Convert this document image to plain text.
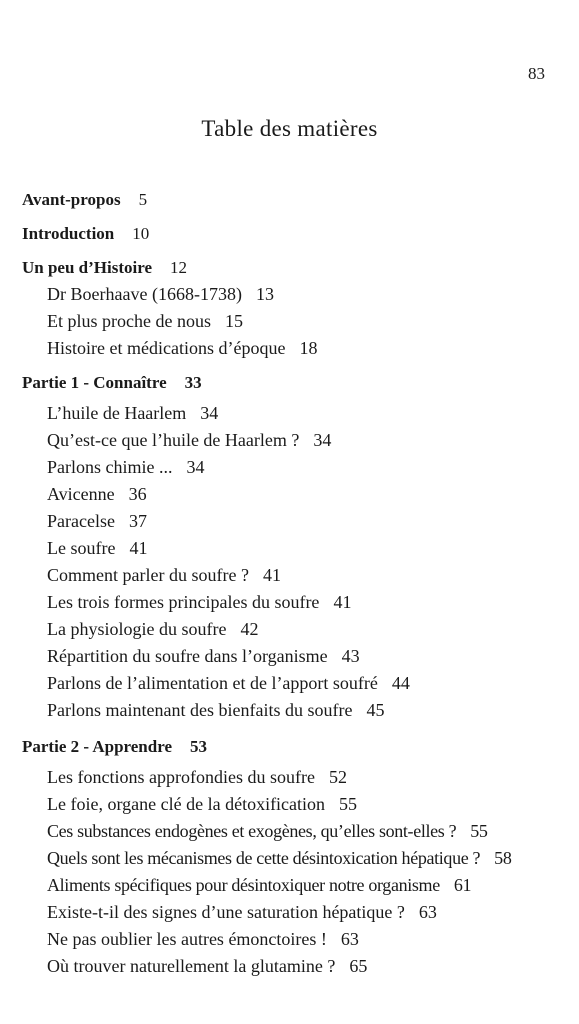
83
Table des matières
Avant-propos 5
Introduction 10
Un peu d’Histoire 12
Dr Boerhaave (1668-1738) 13
Et plus proche de nous 15
Histoire et médications d’époque 18
Partie 1 - Connaître 33
L’huile de Haarlem 34
Qu’est-ce que l’huile de Haarlem ? 34
Parlons chimie ... 34
Avicenne 36
Paracelse 37
Le soufre 41
Comment parler du soufre ? 41
Les trois formes principales du soufre 41
La physiologie du soufre 42
Répartition du soufre dans l’organisme 43
Parlons de l’alimentation et de l’apport soufré 44
Parlons maintenant des bienfaits du soufre 45
Partie 2 - Apprendre 53
Les fonctions approfondies du soufre 52
Le foie, organe clé de la détoxification 55
Ces substances endogènes et exogènes, qu’elles sont-elles ? 55
Quels sont les mécanismes de cette désintoxication hépatique ? 58
Aliments spécifiques pour désintoxiquer notre organisme 61
Existe-t-il des signes d’une saturation hépatique ? 63
Ne pas oublier les autres émonctoires ! 63
Où trouver naturellement la glutamine ? 65
